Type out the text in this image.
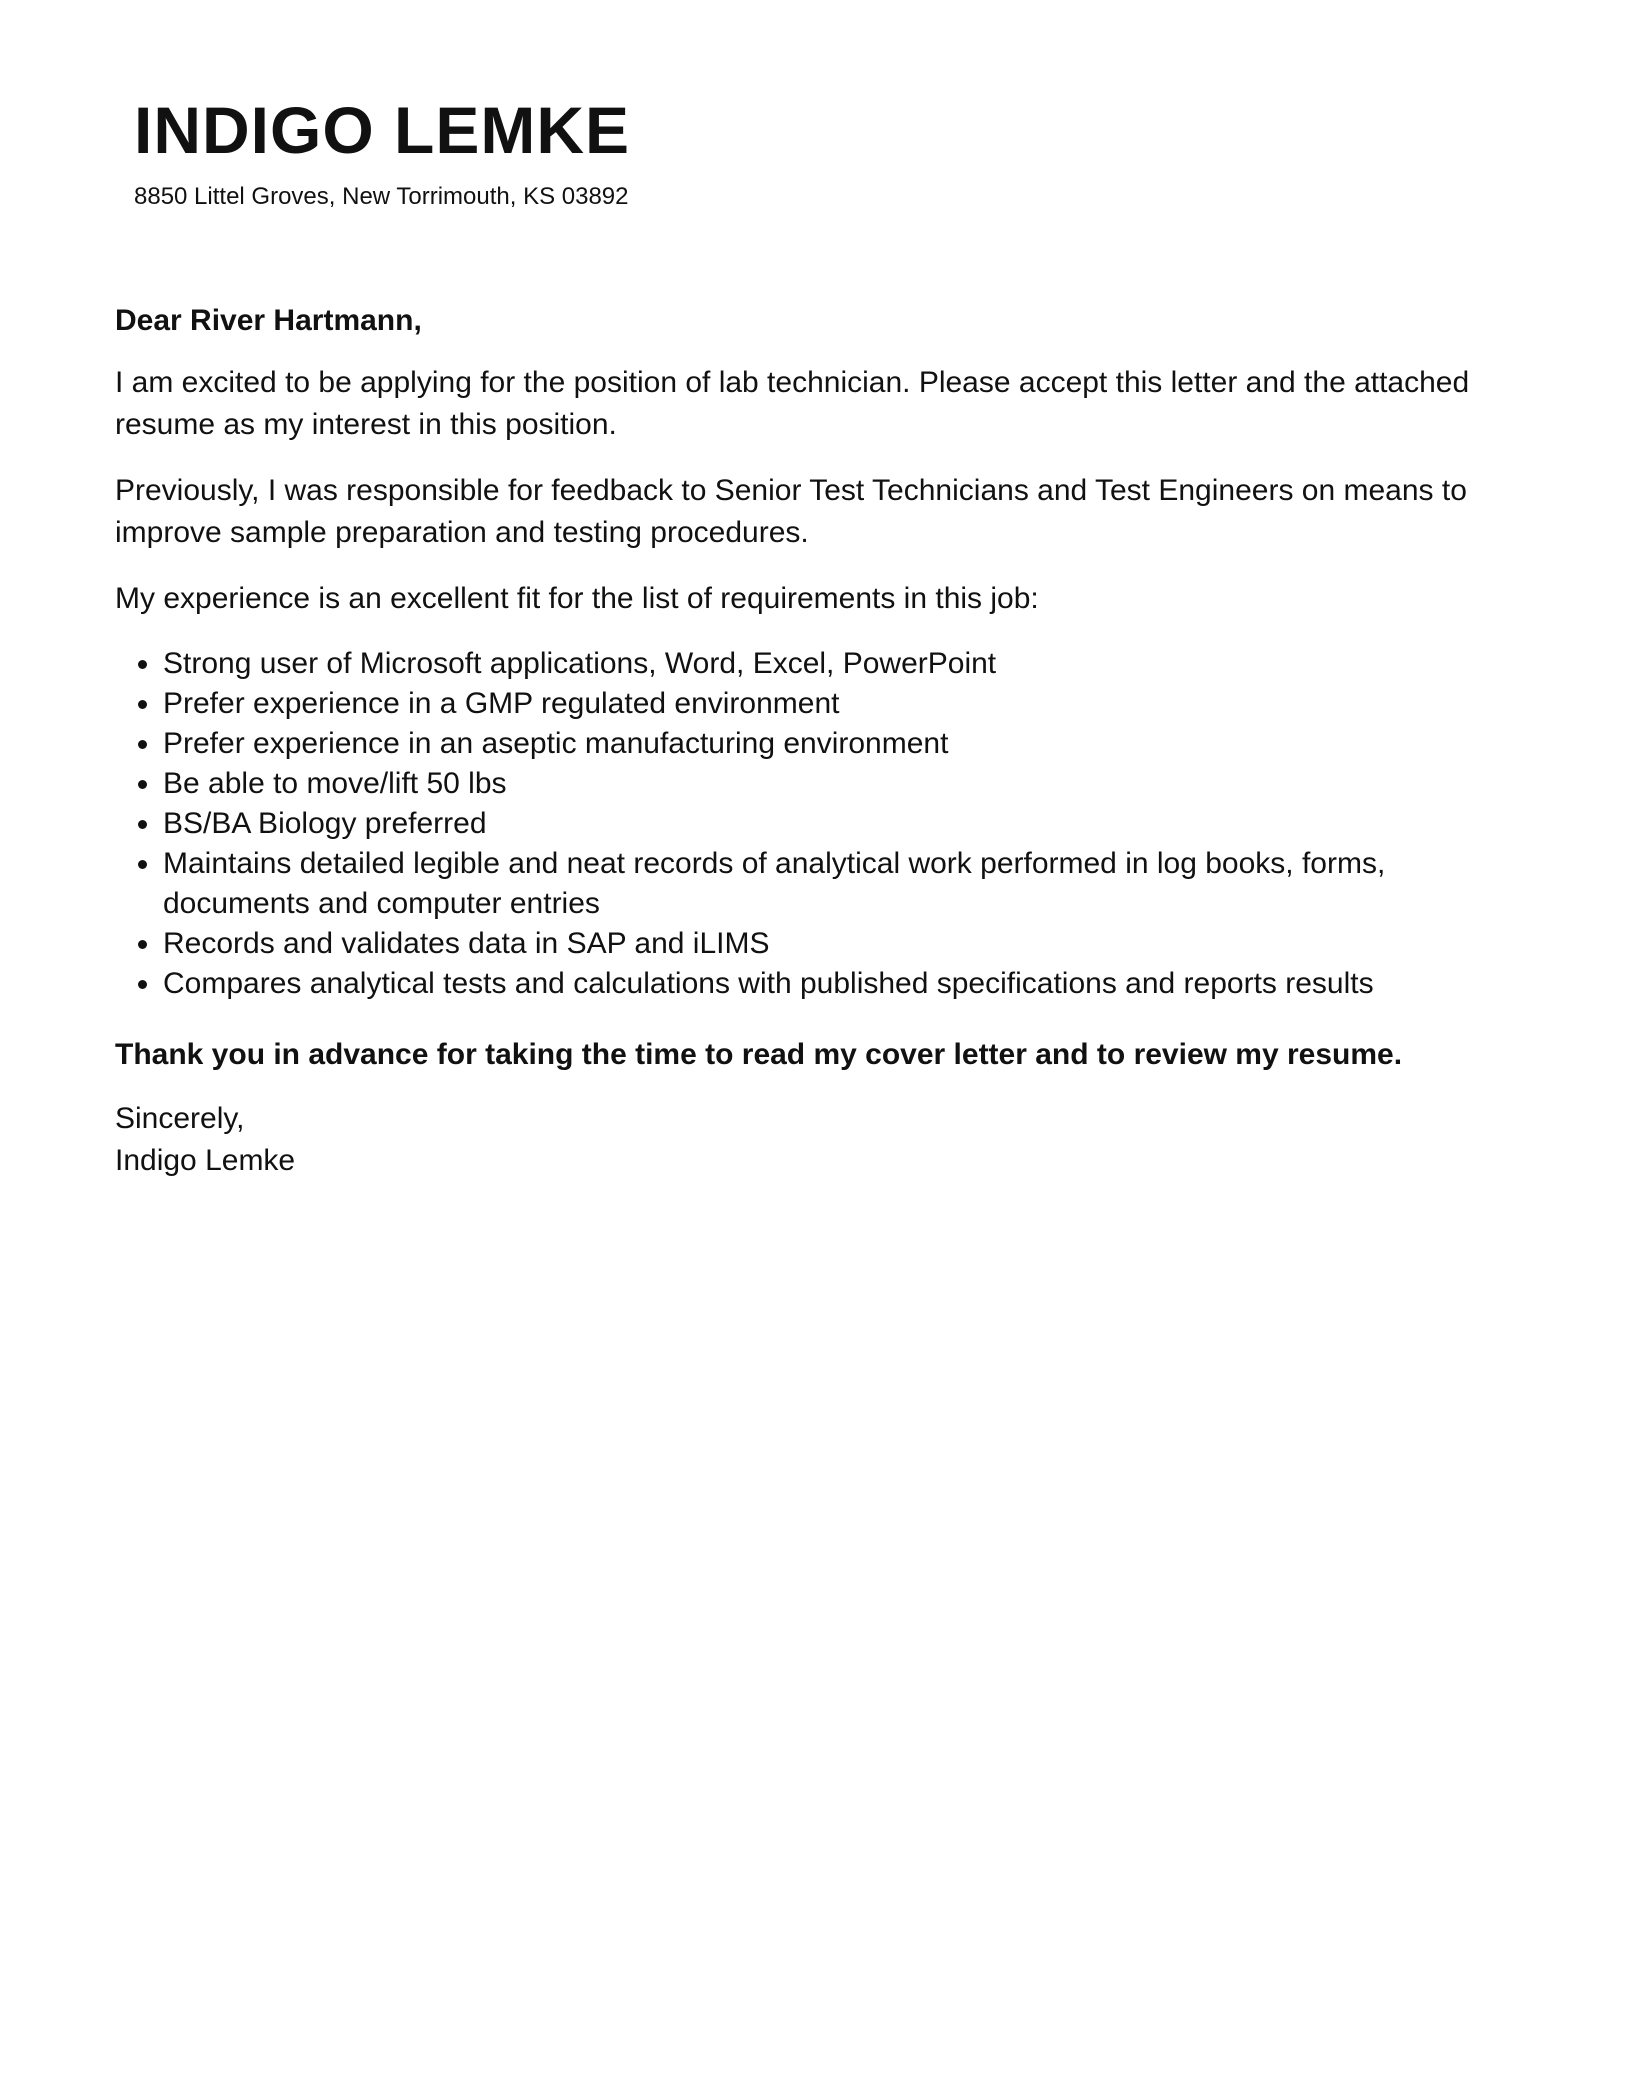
INDIGO LEMKE
8850 Littel Groves, New Torrimouth, KS 03892

Dear River Hartmann,

I am excited to be applying for the position of lab technician. Please accept this letter and the attached resume as my interest in this position.

Previously, I was responsible for feedback to Senior Test Technicians and Test Engineers on means to improve sample preparation and testing procedures.

My experience is an excellent fit for the list of requirements in this job:

Strong user of Microsoft applications, Word, Excel, PowerPoint
Prefer experience in a GMP regulated environment
Prefer experience in an aseptic manufacturing environment
Be able to move/lift 50 lbs
BS/BA Biology preferred
Maintains detailed legible and neat records of analytical work performed in log books, forms, documents and computer entries
Records and validates data in SAP and iLIMS
Compares analytical tests and calculations with published specifications and reports results

Thank you in advance for taking the time to read my cover letter and to review my resume.

Sincerely,

Indigo Lemke
